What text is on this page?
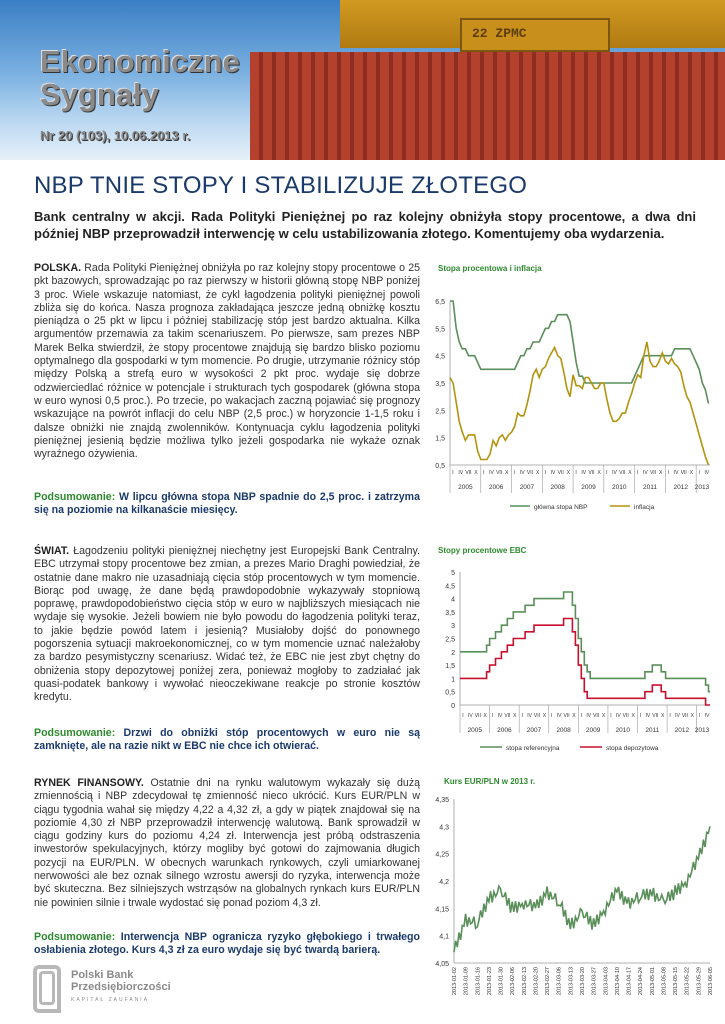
22 ZPMC
Ekonomiczne
Sygnały
Nr 20 (103), 10.06.2013 r.
NBP TNIE STOPY I STABILIZUJE ZŁOTEGO

Bank centralny w akcji. Rada Polityki Pieniężnej po raz kolejny obniżyła stopy procentowe, a dwa dni później NBP przeprowadził interwencję w celu ustabilizowania złotego. Komentujemy oba wydarzenia.

POLSKA. Rada Polityki Pieniężnej obniżyła po raz kolejny stopy procentowe o 25 pkt bazowych, sprowadzając po raz pierwszy w historii główną stopę NBP poniżej 3 proc. Wiele wskazuje natomiast, że cykl łagodzenia polityki pieniężnej powoli zbliża się do końca. Nasza prognoza zakładająca jeszcze jedną obniżkę kosztu pieniądza o 25 pkt w lipcu i później stabilizację stóp jest bardzo aktualna. Kilka argumentów przemawia za takim scenariuszem. Po pierwsze, sam prezes NBP Marek Belka stwierdził, że stopy procentowe znajdują się bardzo blisko poziomu optymalnego dla gospodarki w tym momencie. Po drugie, utrzymanie różnicy stóp między Polską a strefą euro w wysokości 2 pkt proc. wydaje się dobrze odzwierciedlać różnice w potencjale i strukturach tych gospodarek (główna stopa w euro wynosi 0,5 proc.). Po trzecie, po wakacjach zaczną pojawiać się prognozy wskazujące na powrót inflacji do celu NBP (2,5 proc.) w horyzoncie 1-1,5 roku i dalsze obniżki nie znajdą zwolenników. Kontynuacja cyklu łagodzenia polityki pieniężnej jesienią będzie możliwa tylko jeżeli gospodarka nie wykaże oznak wyraźnego ożywienia.
Podsumowanie: W lipcu główna stopa NBP spadnie do 2,5 proc. i zatrzyma się na poziomie na kilkanaście miesięcy.
ŚWIAT. Łagodzeniu polityki pieniężnej niechętny jest Europejski Bank Centralny. EBC utrzymał stopy procentowe bez zmian, a prezes Mario Draghi powiedział, że ostatnie dane makro nie uzasadniają cięcia stóp procentowych w tym momencie. Biorąc pod uwagę, że dane będą prawdopodobnie wykazywały stopniową poprawę, prawdopodobieństwo cięcia stóp w euro w najbliższych miesiącach nie wydaje się wysokie. Jeżeli bowiem nie było powodu do łagodzenia polityki teraz, to jakie będzie powód latem i jesienią? Musiałoby dojść do ponownego pogorszenia sytuacji makroekonomicznej, co w tym momencie uznać należałoby za bardzo pesymistyczny scenariusz. Widać też, że EBC nie jest zbyt chętny do obniżenia stopy depozytowej poniżej zera, ponieważ mogłoby to zadziałać jak quasi-podatek bankowy i wywołać nieoczekiwane reakcje po stronie kosztów kredytu.
Podsumowanie: Drzwi do obniżki stóp procentowych w euro nie są zamknięte, ale na razie nikt w EBC nie chce ich otwierać.
RYNEK FINANSOWY. Ostatnie dni na rynku walutowym wykazały się dużą zmiennością i NBP zdecydował tę zmienność nieco ukrócić. Kurs EUR/PLN w ciągu tygodnia wahał się między 4,22 a 4,32 zł, a gdy w piątek znajdował się na poziomie 4,30 zł NBP przeprowadził interwencję walutową. Bank sprowadził w ciągu godziny kurs do poziomu 4,24 zł. Interwencja jest próbą odstraszenia inwestorów spekulacyjnych, którzy mogliby być gotowi do zajmowania długich pozycji na EUR/PLN. W obecnych warunkach rynkowych, czyli umiarkowanej nerwowości ale bez oznak silnego wzrostu awersji do ryzyka, interwencja może być skuteczna. Bez silniejszych wstrząsów na globalnych rynkach kurs EUR/PLN nie powinien silnie i trwale wydostać się ponad poziom 4,3 zł.
Podsumowanie: Interwencja NBP ogranicza ryzyko głębokiego i trwałego osłabienia złotego. Kurs 4,3 zł za euro wydaje się być twardą barierą.
Stopa procentowa i inflacja
0,5
1,5
2,5
3,5
4,5
5,5
6,5
I IV VII X I IV VII X I IV VII X I IV VII X I IV VII X I IV VII X I IV VII X I IV VII X I IV
2005	2006	2007	2008	2009	2010	2011	2012 2013
główna stopa NBP	inflacja
Stopy procentowe EBC
0
0,5
1
1,5
2
2,5
3
3,5
4
4,5
5
I IV VII X I IV VII X I IV VII X I IV VII X I IV VII X I IV VII X I IV VII X I IV VII X I IV
2005 2006 2007 2008 2009 2010 2011 2012 2013
stopa referencyjna	stopa depozytowa
Kurs EUR/PLN w 2013 r.
4,05
4,1
4,15
4,2
4,25
4,3
4,35
2013-01-02 2013-01-09 2013-01-16 2013-01-23 2013-01-30 2013-02-06 2013-02-13 2013-02-20 2013-02-27 2013-03-06 2013-03-13 2013-03-20 2013-03-27 2013-04-03 2013-04-10 2013-04-17 2013-04-24 2013-05-01 2013-05-08 2013-05-15 2013-05-22 2013-05-29 2013-06-05
Polski Bank
Przedsiębiorczości
KAPITAŁ ZAUFANIA
